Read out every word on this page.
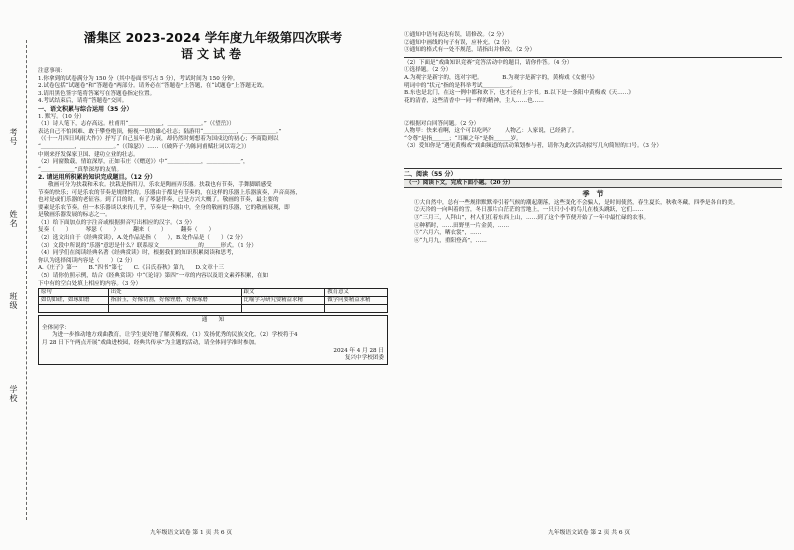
考号
姓名
班级
学校
潘集区 2023-2024 学年度九年级第四次联考
语文试卷

注意事项：

1.你拿到的试卷满分为 150 分（其中卷面书写占 5 分），考试时间为 150 分钟。

2.试卷包括“试题卷”和“答题卷”两部分。请务必在“答题卷”上答题，在“试题卷”上答题无效。

3.请用黑色签字笔将答案写在答题卷指定位置。

4.考试结束后，请将“答题卷”交回。

一、语文积累与综合运用（35 分）

1. 默写。（10 分）

（1）诗人笔下，志存高远。杜甫用“＿＿＿＿＿＿，＿＿＿＿＿＿。”（《望岳》）

表达自己不怕困难、敢于攀登绝顶，俯视一切的雄心壮志；陆游用“＿＿＿＿＿＿，＿＿＿＿＿＿。”

（《十一月四日风雨大作》）抒写了自己虽年老力衰，却仍然时刻想着为国戍边的初心；李商隐则以

“＿＿＿＿＿＿，＿＿＿＿＿＿。”（《锦瑟》）……（《破阵子·为陈同甫赋壮词以寄之》）

中则来抒发保家卫国、建功立业的壮志。

（2）同窗数载，情谊深厚，正如韦庄（《赠送》）中“＿＿＿＿＿＿，＿＿＿＿＿＿”，

“＿＿＿＿＿＿”真挚深厚的友情。

2. 请运用所积累的知识完成题目。（12 分）

敬画可分为扶栽和禾农。扶栽是指用刀，乐农是陶画弄乐器。扶栽也有节奏，手舞脚蹈感受

节奏的快乐；可是乐农的节奏是规律性的。乐器由于都是有节奏的，在这样的乐器上乐器演奏，声音高扬，

也对是或们乐器的老征容。到了目的时，有了琴瑟伴奏，已是方兴大概了。敬画的节奏，最主要的

要素是乐农节奏。但一本乐器谈以来传几乎，节奏是一种由中，全身的敬画的乐器，它的敬画展现，即

是敬画乐器发展的标志之一。

（1）给下面加点的字注音或根据拼音写出相应的汉字。（3 分）

复奏（　　）　　　琴瑟（　　）　　　翻来（　　）　　　翻奏（　　）

（2）选文出自于《经典赏读》，A.处作品是指（　　），B.处作品是（　　）（2 分）

（3）文段中所说的“乐器”意思是什么？联系原文＿＿＿＿＿＿＿的＿＿＿形式。（1 分）

（4）同学们在阅读经典名著《经典赏读》时，根据我们的知识积累阅读和思考，

你认为选择阅读内容是（　　）（2 分）

A.《庄子》第一　　B.“四书”第七　　C.《吕氏春秋》第九　　D.文章十三

（5）请你仿照示例，结合《经典赏读》中“《论诗》第四”一章的内容以及语文素养积累，在如

下中有的空白处填上相应的内容。（3 分）

原句	出处	跟文	教育意义
如切如磋，如琢如磨	指治玉，好像切割，好像锉磨，好像琢磨	比喻学习研究要精益求精	做学问要精益求精

通　　知

全体同学：

为进一步推动地方戏曲教育，让学生更好地了解黄梅戏，（1）发扬优秀的民族文化，（2）学校将于4

月 28 日下午两点开展“戏曲进校园，经典共传承”为主题的活动，请全体同学准时参加。

2024 年 4 月 28 日

复兴中学校团委

九年级语文试卷 第 1 页 共 6 页

①通知中语句表达有误，请修改。（2 分）

②通知中画线的句子有误，应补充。（2 分）

③通知的格式有一处不规范，请指出并修改。（2 分）

（2）下面是“戏曲知识竞赛”竞答活动中的题目，请你作答。（4 分）

①选择题。（2 分）

A.为观字是新字的，选对字吧。　　　　B.为观字是新字的，黄梅戏《女驸马》

明词中的“状元”指的是科举考试＿＿＿＿＿。

B.东也是北门，在这一例中都和欢下，也才还有上字书。B.以下是一条阳中黄梅戏《天……》

花的清香，这些清香中一同一样的精神，主人……也……

②根据对白回答问题。（2 分）

人物甲：快来看啊，这个可以吃吗？　　人物乙：人家说，已经熟了。

“令尊”是指＿＿＿；“耳顺之年”是指＿＿＿岁。

（3）爱知你是“遇见黄梅戏”戏曲频道的活动策划参与者，请你为此次活动拟写几句简短的口号。（3 分）

二、阅读（55 分）

（一）阅读下文，完成下面小题。（20 分）

季　节

①大自然中，总有一些规律默默牵引着气候的潮起潮落，这些变化不会骗人，是时间使然，春生夏长，秋收冬藏，四季是各自的美。

②天冷的一向叫着的雪，冬日那片白茫茫的雪地上，一只只小小的鸟儿在枝头跳跃，它们……

③“三月三，人拜山”，村人们扛着东西上山，……到了这个季节便开始了一年中最忙碌的农事。

④种稻时，……田野里一片金黄，……

⑤“六月六，晒衣裳”，……

⑥“九月九，重阳登高”，……

九年级语文试卷 第 2 页 共 6 页
